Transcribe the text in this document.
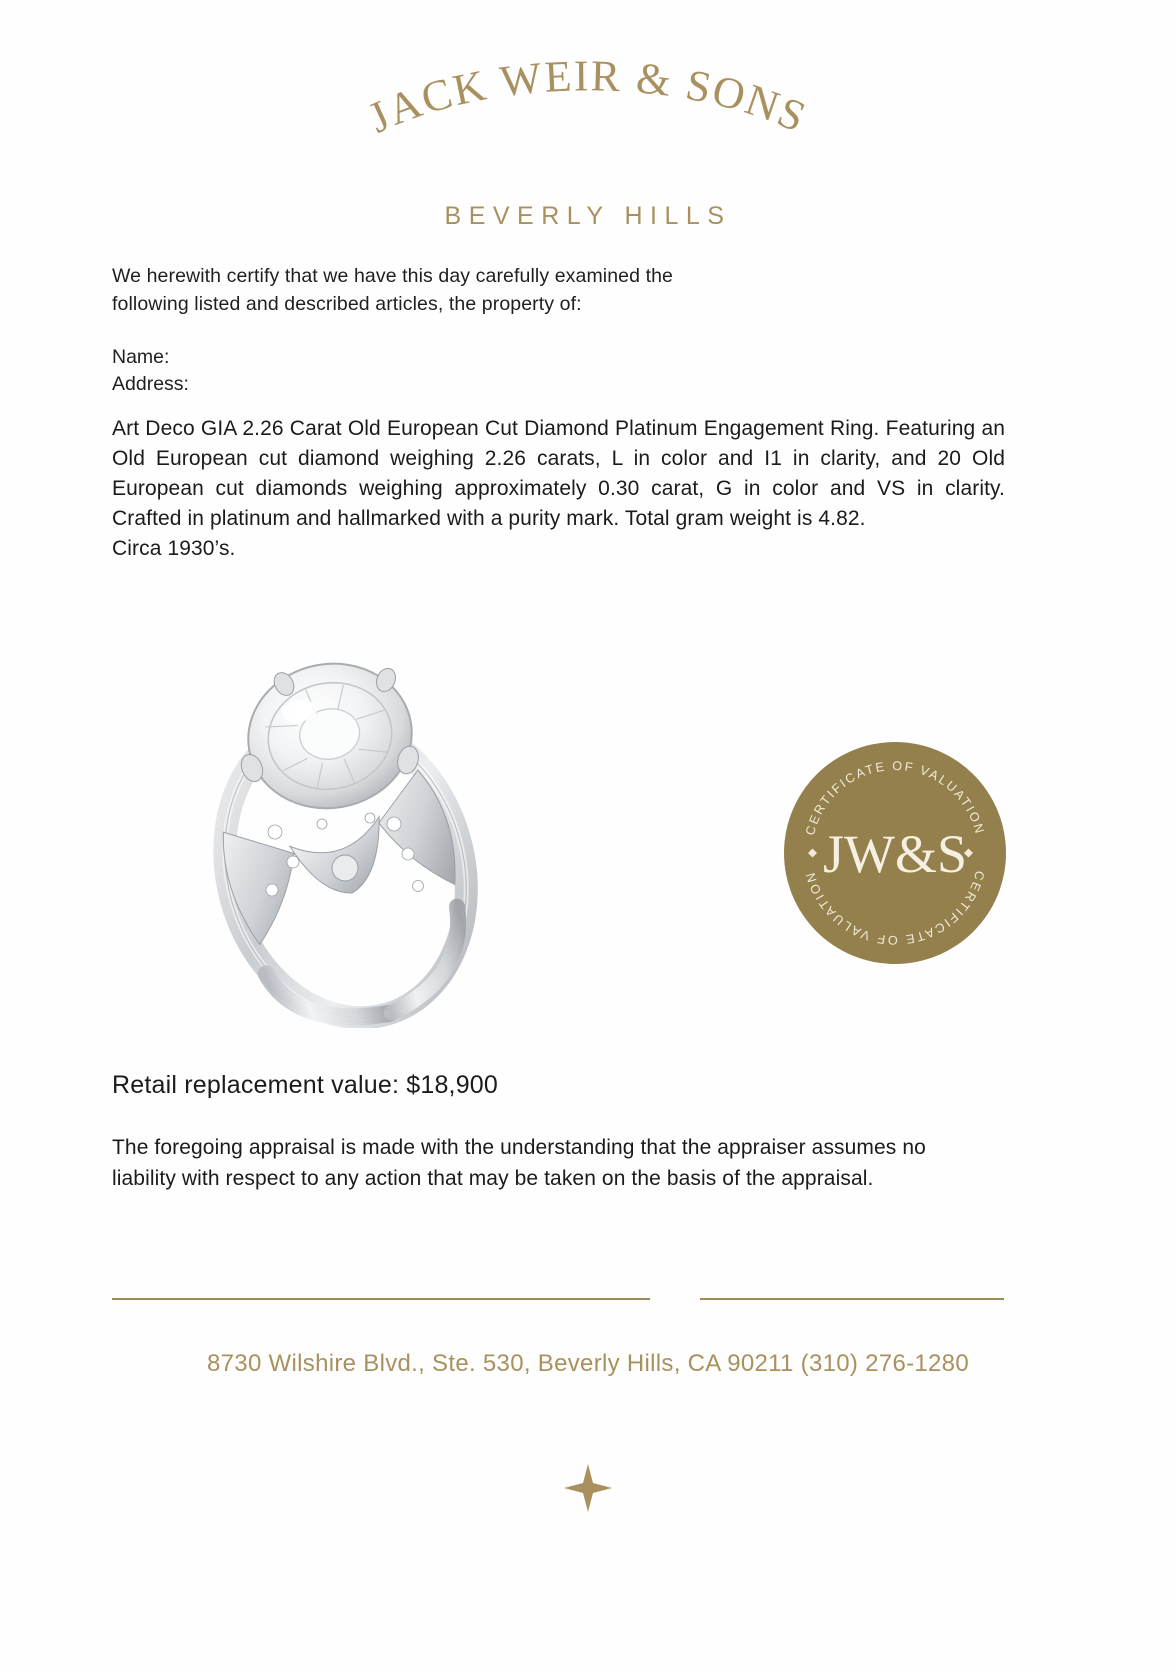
JACK WEIR & SONS
BEVERLY HILLS
We herewith certify that we have this day carefully examined the
following listed and described articles, the property of:
Name:
Address:
Art Deco GIA 2.26 Carat Old European Cut Diamond Platinum Engagement Ring. Featuring an Old European cut diamond weighing 2.26 carats, L in color and I1 in clarity, and 20 Old European cut diamonds weighing approximately 0.30 carat, G in color and VS in clarity. Crafted in platinum and hallmarked with a purity mark. Total gram weight is 4.82.
Circa 1930’s.
CERTIFICATE OF VALUATION
CERTIFICATE OF VALUATION JW&S
Retail replacement value: $18,900
The foregoing appraisal is made with the understanding that the appraiser assumes no liability with respect to any action that may be taken on the basis of the appraisal.
8730 Wilshire Blvd., Ste. 530, Beverly Hills, CA 90211 (310) 276-1280
